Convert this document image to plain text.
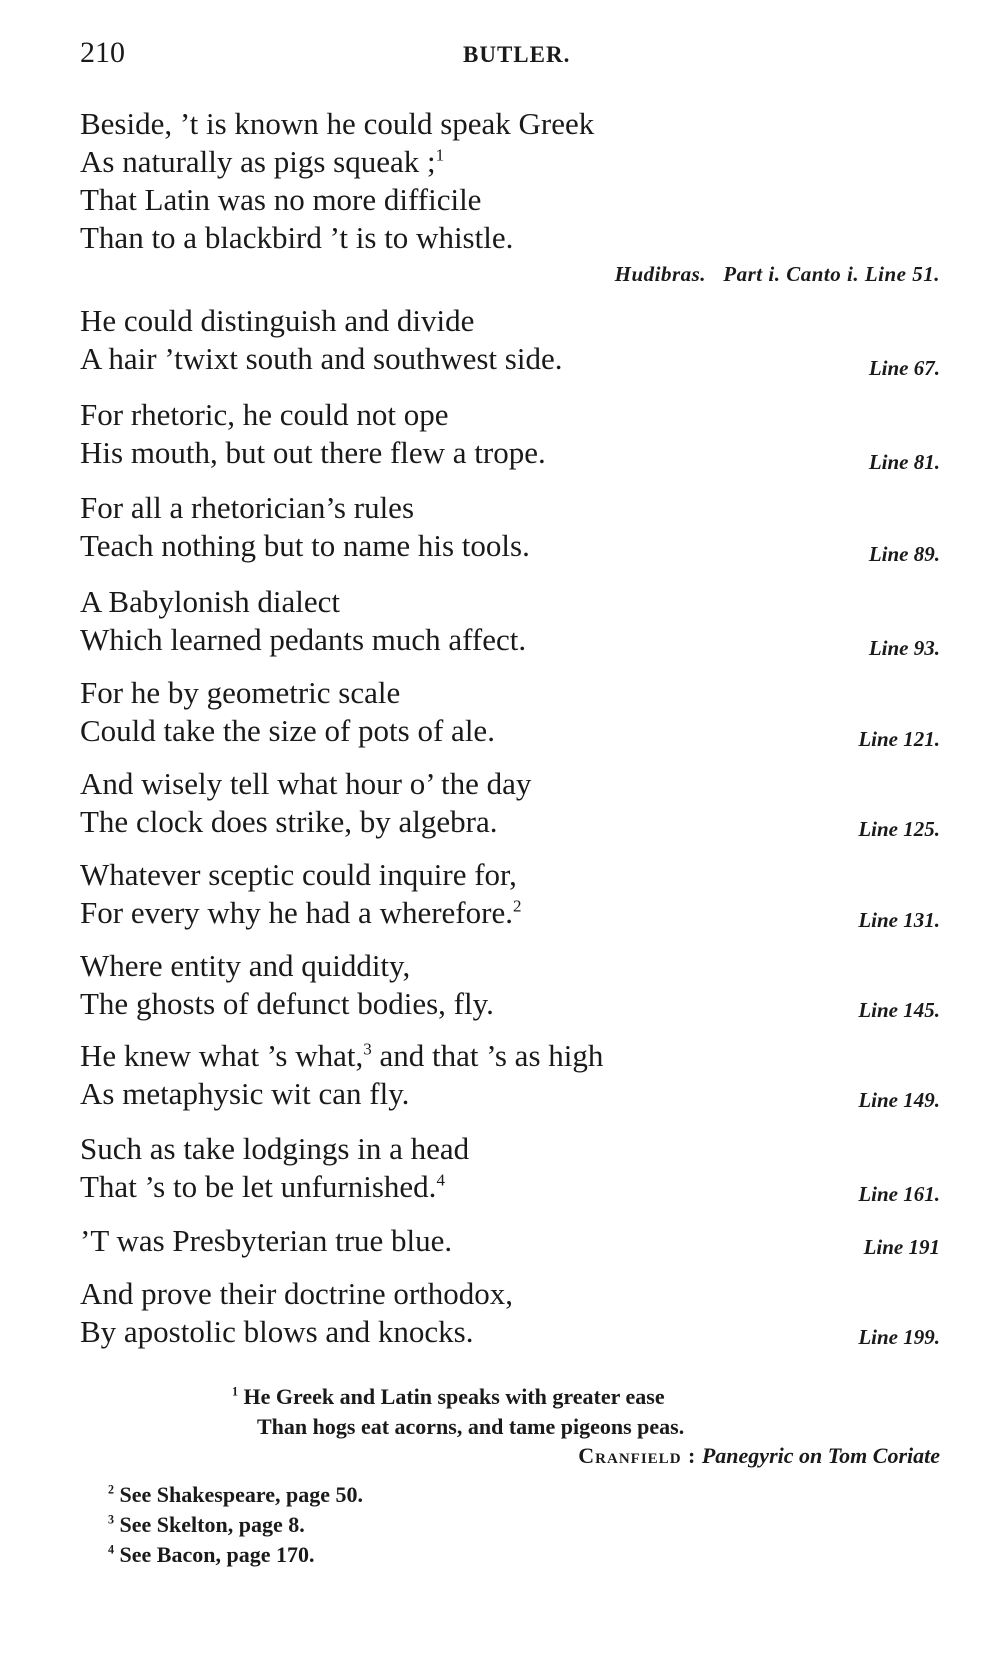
210	BUTLER.
Beside, ’t is known he could speak Greek
As naturally as pigs squeak ;$^1$
That Latin was no more difficile
Than to a blackbird ’t is to whistle.
Hudibras.   Part i. Canto i. Line 51.
He could distinguish and divide
A hair ’twixt south and southwest side.	Line 67.
For rhetoric, he could not ope
His mouth, but out there flew a trope.	Line 81.
For all a rhetorician’s rules
Teach nothing but to name his tools.	Line 89.
A Babylonish dialect
Which learned pedants much affect.	Line 93.
For he by geometric scale
Could take the size of pots of ale.	Line 121.
And wisely tell what hour o’ the day
The clock does strike, by algebra.	Line 125.
Whatever sceptic could inquire for,
For every why he had a wherefore.$^2$
Line 131.
Where entity and quiddity,
The ghosts of defunct bodies, fly.	Line 145.
He knew what ’s what,$^3$ and that ’s as high
As metaphysic wit can fly.	Line 149.
Such as take lodgings in a head
That ’s to be let unfurnished.$^4$
Line 161.
’T was Presbyterian true blue.	Line 191
And prove their doctrine orthodox,
By apostolic blows and knocks.	Line 199.
$^1$ He Greek and Latin speaks with greater ease
Than hogs eat acorns, and tame pigeons peas.
Cranfield : Panegyric on Tom Coriate
$^2$ See Shakespeare, page 50.
$^3$ See Skelton, page 8.
$^4$ See Bacon, page 170.
